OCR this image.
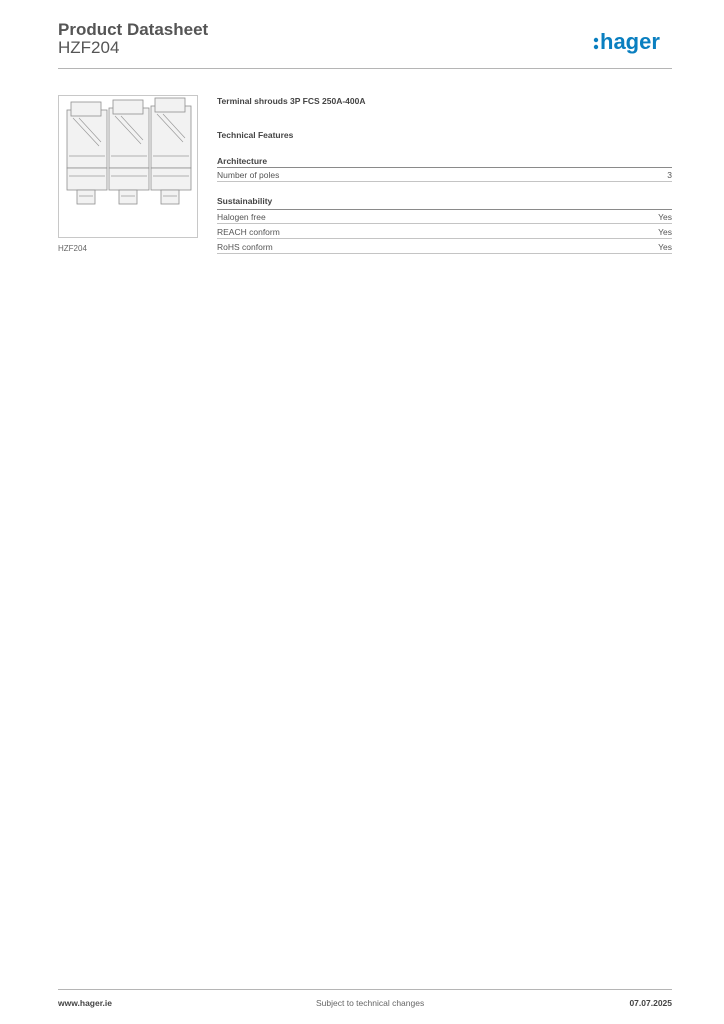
Product Datasheet
HZF204	hager
HZF204

Terminal shrouds 3P FCS 250A-400A

Technical Features

Architecture
Number of poles	3
Sustainability
Halogen free	Yes
REACH conform	Yes
RoHS conform	Yes
www.hager.ie	Subject to technical changes	07.07.2025
